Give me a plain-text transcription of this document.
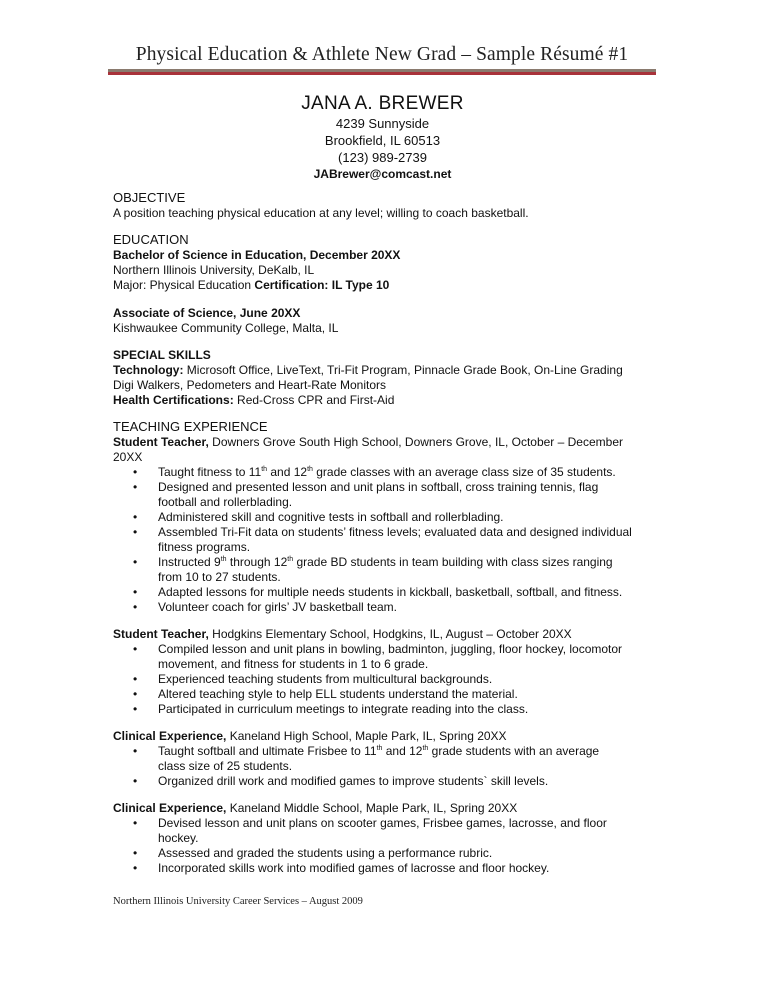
Physical Education & Athlete New Grad – Sample Résumé #1
JANA A. BREWER
4239 Sunnyside
Brookfield, IL 60513
(123) 989-2739
JABrewer@comcast.net
OBJECTIVE
A position teaching physical education at any level; willing to coach basketball.
EDUCATION
Bachelor of Science in Education, December 20XX
Northern Illinois University, DeKalb, IL
Major: Physical Education Certification: IL Type 10
Associate of Science, June 20XX
Kishwaukee Community College, Malta, IL
SPECIAL SKILLS
Technology: Microsoft Office, LiveText, Tri-Fit Program, Pinnacle Grade Book, On-Line Grading
Digi Walkers, Pedometers and Heart-Rate Monitors
Health Certifications: Red-Cross CPR and First-Aid
TEACHING EXPERIENCE
Student Teacher, Downers Grove South High School, Downers Grove, IL, October – December
20XX
• Taught fitness to 11th and 12th grade classes with an average class size of 35 students.
• Designed and presented lesson and unit plans in softball, cross training tennis, flag
football and rollerblading.
• Administered skill and cognitive tests in softball and rollerblading.
• Assembled Tri-Fit data on students’ fitness levels; evaluated data and designed individual
fitness programs.
• Instructed 9th through 12th grade BD students in team building with class sizes ranging
from 10 to 27 students.
• Adapted lessons for multiple needs students in kickball, basketball, softball, and fitness.
• Volunteer coach for girls’ JV basketball team.
Student Teacher, Hodgkins Elementary School, Hodgkins, IL, August – October 20XX
• Compiled lesson and unit plans in bowling, badminton, juggling, floor hockey, locomotor
movement, and fitness for students in 1 to 6 grade.
• Experienced teaching students from multicultural backgrounds.
• Altered teaching style to help ELL students understand the material.
• Participated in curriculum meetings to integrate reading into the class.
Clinical Experience, Kaneland High School, Maple Park, IL, Spring 20XX
• Taught softball and ultimate Frisbee to 11th and 12th grade students with an average
class size of 25 students.
• Organized drill work and modified games to improve students` skill levels.
Clinical Experience, Kaneland Middle School, Maple Park, IL, Spring 20XX
• Devised lesson and unit plans on scooter games, Frisbee games, lacrosse, and floor
hockey.
• Assessed and graded the students using a performance rubric.
• Incorporated skills work into modified games of lacrosse and floor hockey.
Northern Illinois University Career Services – August 2009
